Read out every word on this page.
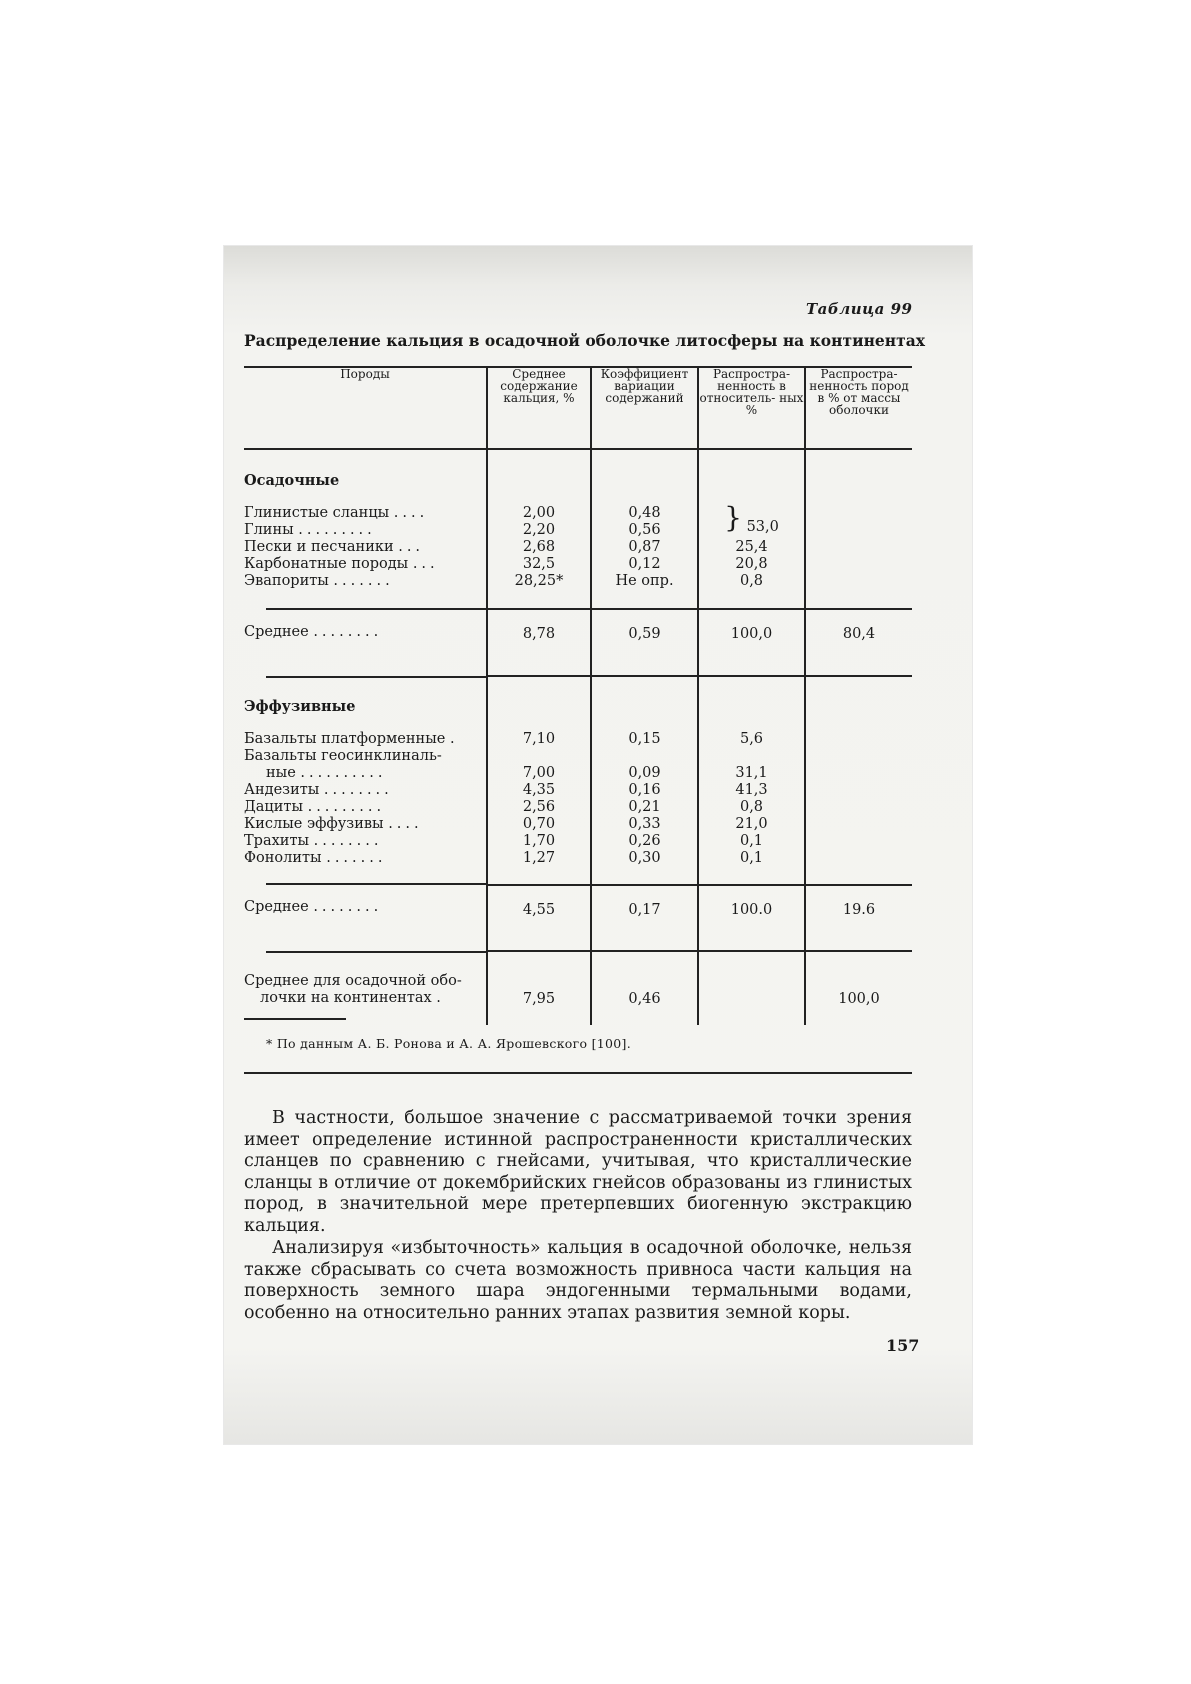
Таблица 99
Распределение кальция в осадочной оболочке литосферы на континентах
Породы	Среднее содержание кальция, %	Коэффициент вариации содержаний	Распростра- ненность в относитель- ных %	Распростра- ненность пород в % от массы оболочки

Осадочные				

Глинистые сланцы ....	2,00	0,48	} 53,0	
Глины .........	2,20	0,56		
Пески и песчаники ...	2,68	0,87	25,4	
Карбонатные породы ...	32,5	0,12	20,8	
Эвапориты .......	28,25*	Не опр.	0,8	

Среднее ........	8,78	0,59	100,0	80,4

Эффузивные				

Базальты платформенные .	7,10	0,15	5,6	
Базальты геосинклиналь-				
ные ..........	7,00	0,09	31,1	
Андезиты ........	4,35	0,16	41,3	
Дациты .........	2,56	0,21	0,8	
Кислые эффузивы ....	0,70	0,33	21,0	
Трахиты ........	1,70	0,26	0,1	
Фонолиты .......	1,27	0,30	0,1	

Среднее ........	4,55	0,17	100.0	19.6

Среднее для осадочной обо-
лочки на континентах .	7,95	0,46		100,0
* По данным А. Б. Ронова и А. А. Ярошевского [100].
В частности, большое значение с рассматриваемой точки зрения имеет определение истинной распространенности кристаллических сланцев по сравнению с гнейсами, учитывая, что кристаллические сланцы в отличие от докембрийских гнейсов образованы из глинистых пород, в значительной мере претерпевших биогенную экстракцию кальция.
Анализируя «избыточность» кальция в осадочной оболочке, нельзя также сбрасывать со счета возможность привноса части кальция на поверхность земного шара эндогенными термальными водами, особенно на относительно ранних этапах развития земной коры.
157
